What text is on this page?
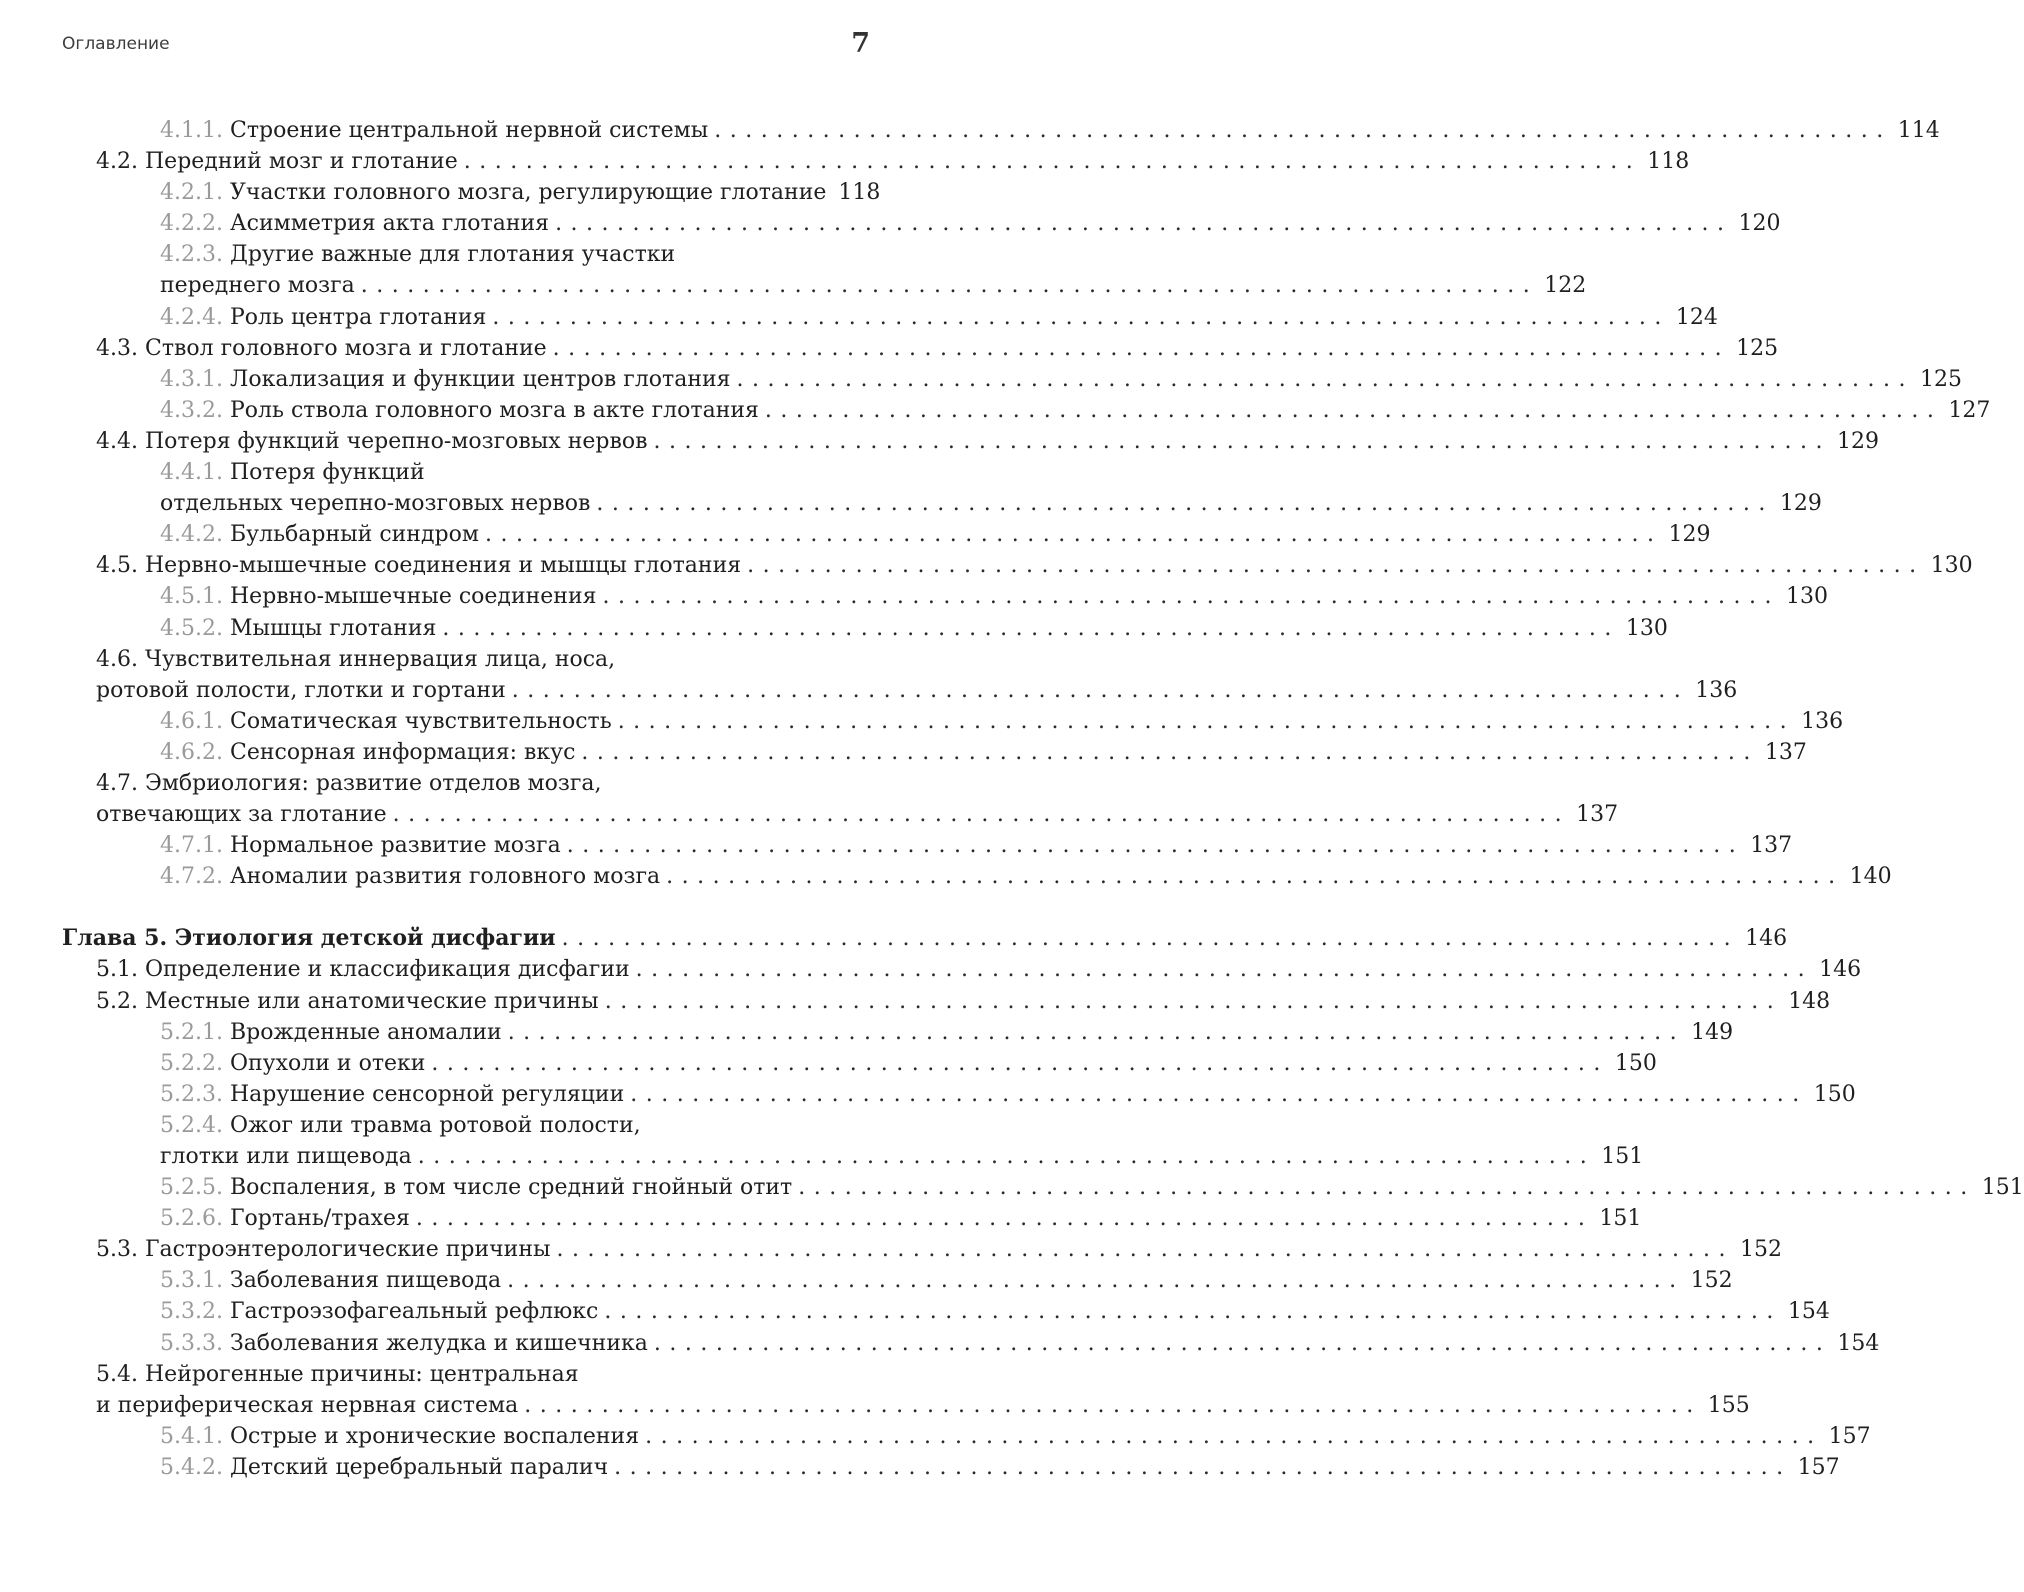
Оглавление	7
4.1.1. Строение центральной нервной системы ............................................................................ 114
4.2. Передний мозг и глотание ............................................................................ 118
4.2.1. Участки головного мозга, регулирующие глотание 118
4.2.2. Асимметрия акта глотания ............................................................................ 120
4.2.3. Другие важные для глотания участки
переднего мозга ............................................................................ 122
4.2.4. Роль центра глотания ............................................................................ 124
4.3. Ствол головного мозга и глотание ............................................................................ 125
4.3.1. Локализация и функции центров глотания ............................................................................ 125
4.3.2. Роль ствола головного мозга в акте глотания ............................................................................ 127
4.4. Потеря функций черепно-мозговых нервов ............................................................................ 129
4.4.1. Потеря функций
отдельных черепно-мозговых нервов ............................................................................ 129
4.4.2. Бульбарный синдром ............................................................................ 129
4.5. Нервно-мышечные соединения и мышцы глотания ............................................................................ 130
4.5.1. Нервно-мышечные соединения ............................................................................ 130
4.5.2. Мышцы глотания ............................................................................ 130
4.6. Чувствительная иннервация лица, носа,
ротовой полости, глотки и гортани ............................................................................ 136
4.6.1. Соматическая чувствительность ............................................................................ 136
4.6.2. Сенсорная информация: вкус ............................................................................ 137
4.7. Эмбриология: развитие отделов мозга,
отвечающих за глотание ............................................................................ 137
4.7.1. Нормальное развитие мозга ............................................................................ 137
4.7.2. Аномалии развития головного мозга ............................................................................ 140
Глава 5. Этиология детской дисфагии ............................................................................ 146
5.1. Определение и классификация дисфагии ............................................................................ 146
5.2. Местные или анатомические причины ............................................................................ 148
5.2.1. Врожденные аномалии ............................................................................ 149
5.2.2. Опухоли и отеки ............................................................................ 150
5.2.3. Нарушение сенсорной регуляции ............................................................................ 150
5.2.4. Ожог или травма ротовой полости,
глотки или пищевода ............................................................................ 151
5.2.5. Воспаления, в том числе средний гнойный отит ............................................................................ 151
5.2.6. Гортань/трахея ............................................................................ 151
5.3. Гастроэнтерологические причины ............................................................................ 152
5.3.1. Заболевания пищевода ............................................................................ 152
5.3.2. Гастроэзофагеальный рефлюкс ............................................................................ 154
5.3.3. Заболевания желудка и кишечника ............................................................................ 154
5.4. Нейрогенные причины: центральная
и периферическая нервная система ............................................................................ 155
5.4.1. Острые и хронические воспаления ............................................................................ 157
5.4.2. Детский церебральный паралич ............................................................................ 157
